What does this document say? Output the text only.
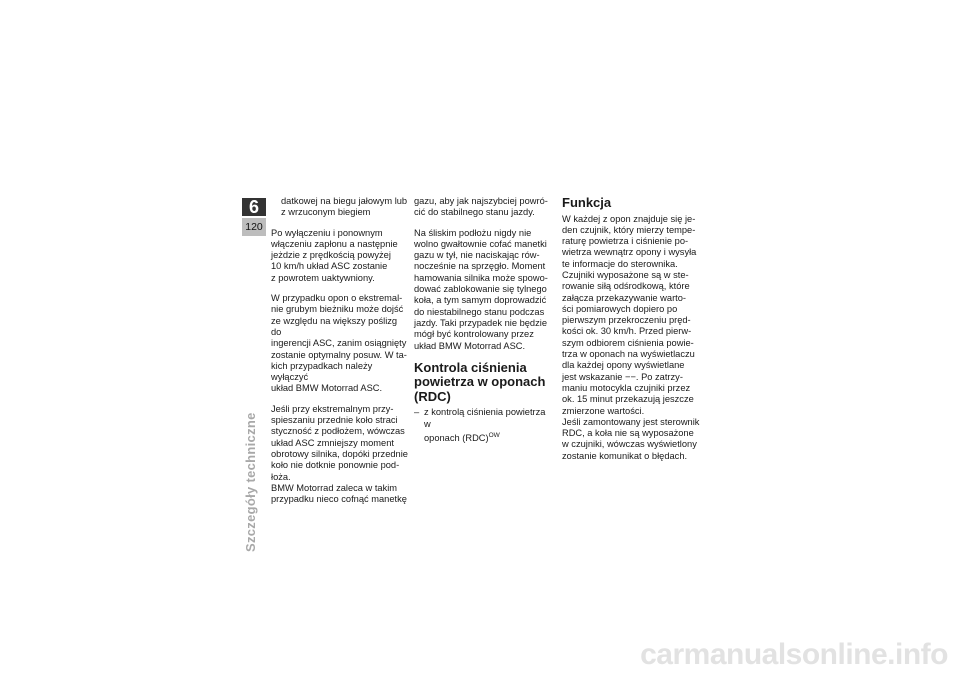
6
120
Szczegóły techniczne

datkowej na biegu jałowym lub
z wrzuconym biegiem

Po wyłączeniu i ponownym
włączeniu zapłonu a następnie
jeżdzie z prędkością powyżej
10 km/h układ ASC zostanie
z powrotem uaktywniony.

W przypadku opon o ekstremal-
nie grubym bieżniku może dojść
ze względu na większy poślizg do
ingerencji ASC, zanim osiągnięty
zostanie optymalny posuw. W ta-
kich przypadkach należy wyłączyć
układ BMW Motorrad ASC.

Jeśli przy ekstremalnym przy-
spieszaniu przednie koło straci
styczność z podłożem, wówczas
układ ASC zmniejszy moment
obrotowy silnika, dopóki przednie
koło nie dotknie ponownie pod-
łoża.

BMW Motorrad zaleca w takim
przypadku nieco cofnąć manetkę

gazu, aby jak najszybciej powró-
cić do stabilnego stanu jazdy.

Na śliskim podłożu nigdy nie
wolno gwałtownie cofać manetki
gazu w tył, nie naciskając rów-
nocześnie na sprzęgło. Moment
hamowania silnika może spowo-
dować zablokowanie się tylnego
koła, a tym samym doprowadzić
do niestabilnego stanu podczas
jazdy. Taki przypadek nie będzie
mógł być kontrolowany przez
układ BMW Motorrad ASC.

Kontrola ciśnienia
powietrza w oponach
(RDC)

– z kontrolą ciśnienia powietrza w
oponach (RDC)$^{OW}$

Funkcja

W każdej z opon znajduje się je-
den czujnik, który mierzy tempe-
raturę powietrza i ciśnienie po-
wietrza wewnątrz opony i wysyła
te informacje do sterownika.

Czujniki wyposażone są w ste-
rowanie siłą odśrodkową, które
załącza przekazywanie warto-
ści pomiarowych dopiero po
pierwszym przekroczeniu pręd-
kości ok. 30 km/h. Przed pierw-
szym odbiorem ciśnienia powie-
trza w oponach na wyświetlaczu
dla każdej opony wyświetlane
jest wskazanie −−. Po zatrzy-
maniu motocykla czujniki przez
ok. 15 minut przekazują jeszcze
zmierzone wartości.

Jeśli zamontowany jest sterownik
RDC, a koła nie są wyposażone
w czujniki, wówczas wyświetlony
zostanie komunikat o błędach.

carmanualsonline.info
